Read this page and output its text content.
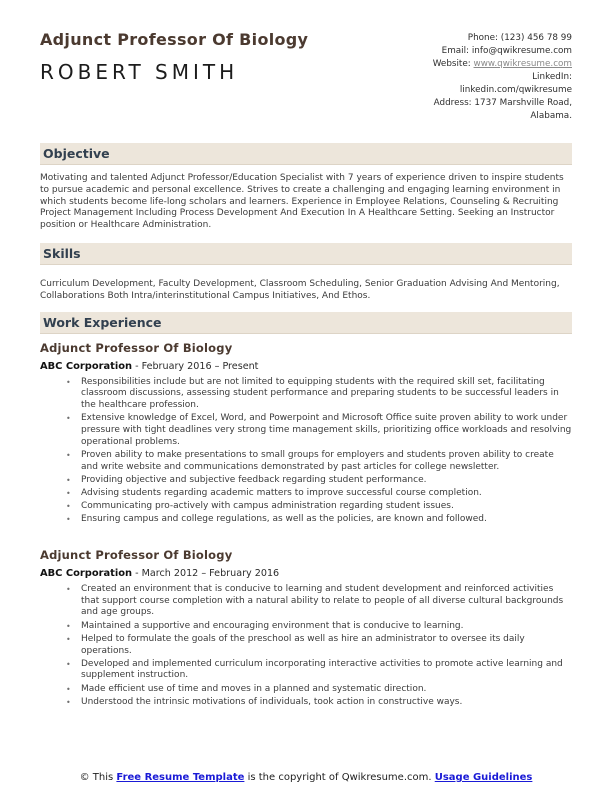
Adjunct Professor Of Biology
ROBERT SMITH
Phone: (123) 456 78 99
Email: info@qwikresume.com
Website: www.qwikresume.com
LinkedIn:
linkedin.com/qwikresume
Address: 1737 Marshville Road,
Alabama.
Objective

Motivating and talented Adjunct Professor/Education Specialist with 7 years of experience driven to inspire students to pursue academic and personal excellence. Strives to create a challenging and engaging learning environment in which students become life-long scholars and learners. Experience in Employee Relations, Counseling & Recruiting Project Management Including Process Development And Execution In A Healthcare Setting. Seeking an Instructor position or Healthcare Administration.

Skills

Curriculum Development, Faculty Development, Classroom Scheduling, Senior Graduation Advising And Mentoring, Collaborations Both Intra/interinstitutional Campus Initiatives, And Ethos.

Work Experience
Adjunct Professor Of Biology
ABC Corporation - February 2016 – Present
• Responsibilities include but are not limited to equipping students with the required skill set, facilitating classroom discussions, assessing student performance and preparing students to be successful leaders in the healthcare profession.
• Extensive knowledge of Excel, Word, and Powerpoint and Microsoft Office suite proven ability to work under pressure with tight deadlines very strong time management skills, prioritizing office workloads and resolving operational problems.
• Proven ability to make presentations to small groups for employers and students proven ability to create and write website and communications demonstrated by past articles for college newsletter.
• Providing objective and subjective feedback regarding student performance.
• Advising students regarding academic matters to improve successful course completion.
• Communicating pro-actively with campus administration regarding student issues.
• Ensuring campus and college regulations, as well as the policies, are known and followed.
Adjunct Professor Of Biology
ABC Corporation - March 2012 – February 2016
• Created an environment that is conducive to learning and student development and reinforced activities that support course completion with a natural ability to relate to people of all diverse cultural backgrounds and age groups.
• Maintained a supportive and encouraging environment that is conducive to learning.
• Helped to formulate the goals of the preschool as well as hire an administrator to oversee its daily operations.
• Developed and implemented curriculum incorporating interactive activities to promote active learning and supplement instruction.
• Made efficient use of time and moves in a planned and systematic direction.
• Understood the intrinsic motivations of individuals, took action in constructive ways.
© This Free Resume Template is the copyright of Qwikresume.com. Usage Guidelines
